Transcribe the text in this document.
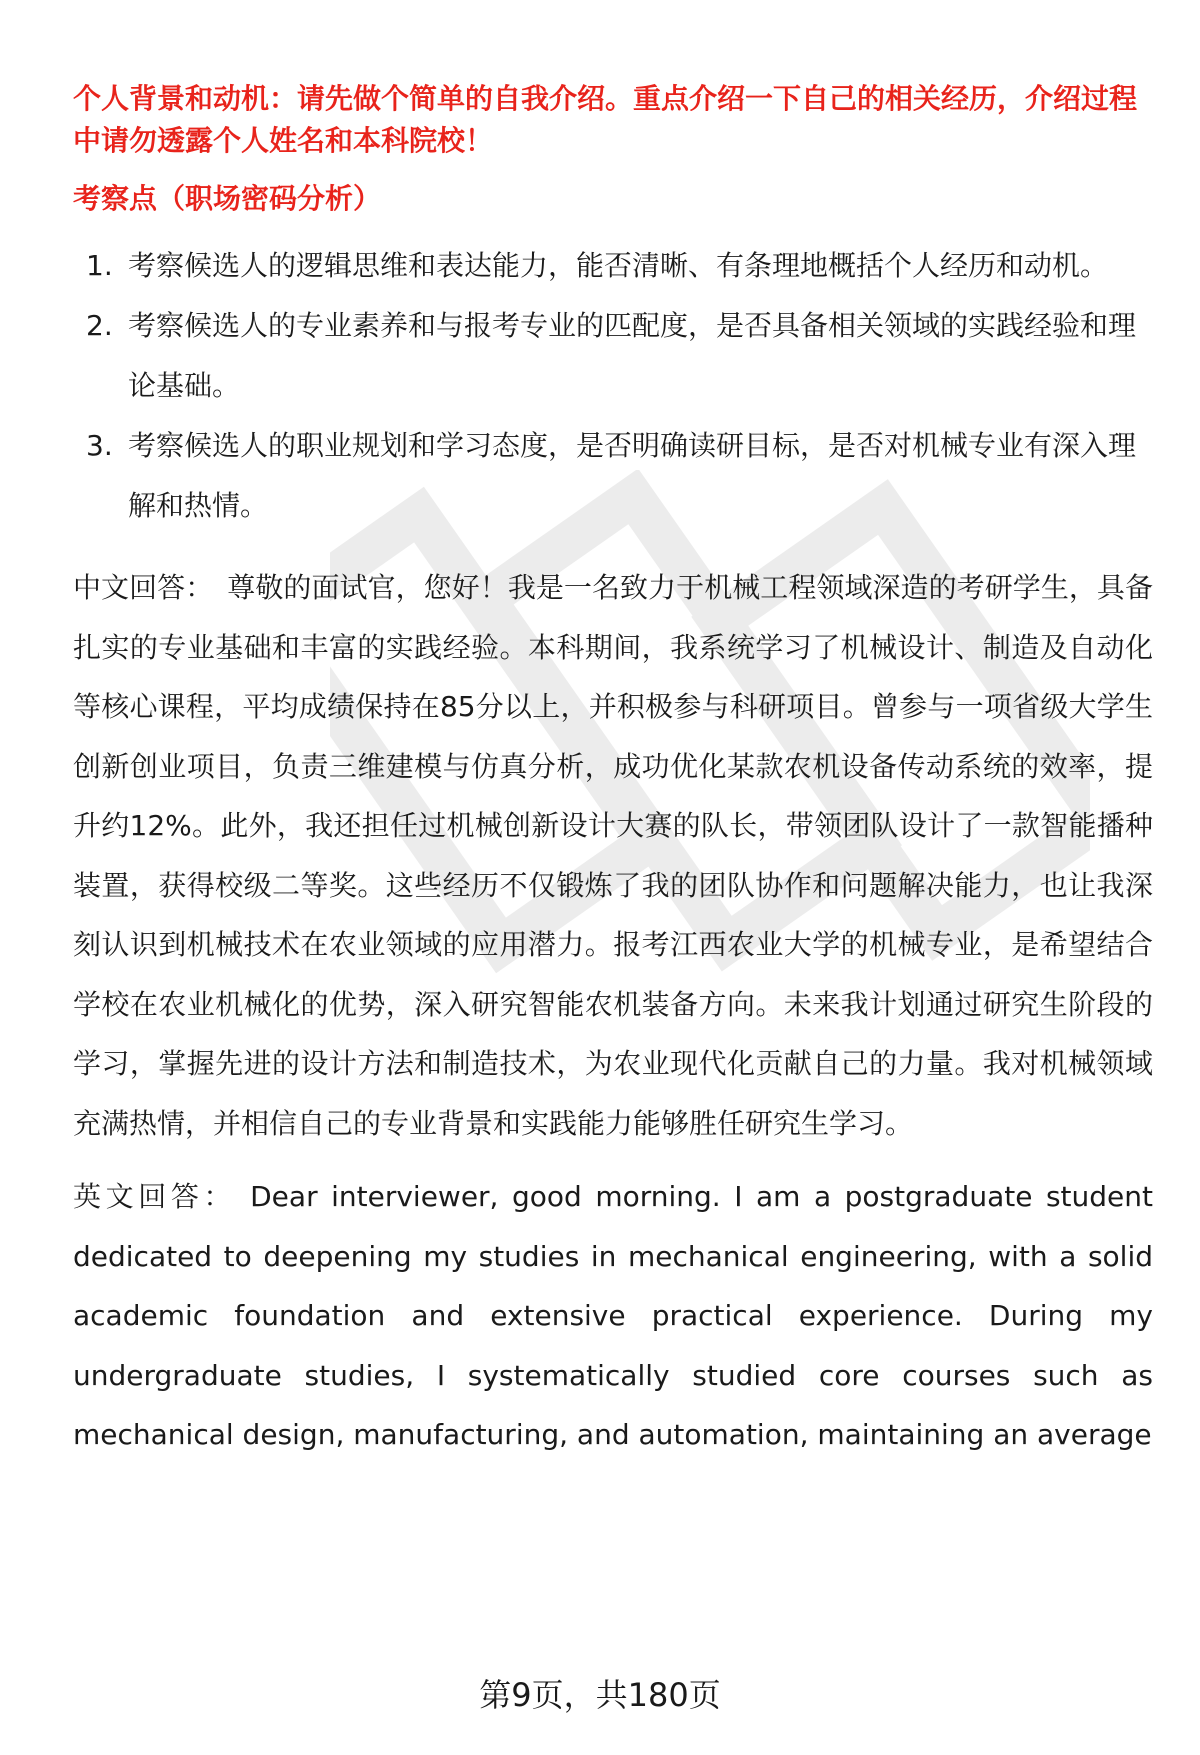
个人背景和动机：请先做个简单的自我介绍。重点介绍一下自己的相关经历，介绍过程中请勿透露个人姓名和本科院校！
考察点（职场密码分析）
1. 考察候选人的逻辑思维和表达能力，能否清晰、有条理地概括个人经历和动机。
2. 考察候选人的专业素养和与报考专业的匹配度，是否具备相关领域的实践经验和理论基础。
3. 考察候选人的职业规划和学习态度，是否明确读研目标，是否对机械专业有深入理解和热情。

中文回答： 尊敬的面试官，您好！我是一名致力于机械工程领域深造的考研学生，具备扎实的专业基础和丰富的实践经验。本科期间，我系统学习了机械设计、制造及自动化等核心课程，平均成绩保持在85分以上，并积极参与科研项目。曾参与一项省级大学生创新创业项目，负责三维建模与仿真分析，成功优化某款农机设备传动系统的效率，提升约12%。此外，我还担任过机械创新设计大赛的队长，带领团队设计了一款智能播种装置，获得校级二等奖。这些经历不仅锻炼了我的团队协作和问题解决能力，也让我深刻认识到机械技术在农业领域的应用潜力。报考江西农业大学的机械专业，是希望结合学校在农业机械化的优势，深入研究智能农机装备方向。未来我计划通过研究生阶段的学习，掌握先进的设计方法和制造技术，为农业现代化贡献自己的力量。我对机械领域充满热情，并相信自己的专业背景和实践能力能够胜任研究生学习。

英文回答： Dear interviewer, good morning. I am a postgraduate student dedicated to deepening my studies in mechanical engineering, with a solid academic foundation and extensive practical experience. During my undergraduate studies, I systematically studied core courses such as mechanical design, manufacturing, and automation, maintaining an average

第9页，共180页
